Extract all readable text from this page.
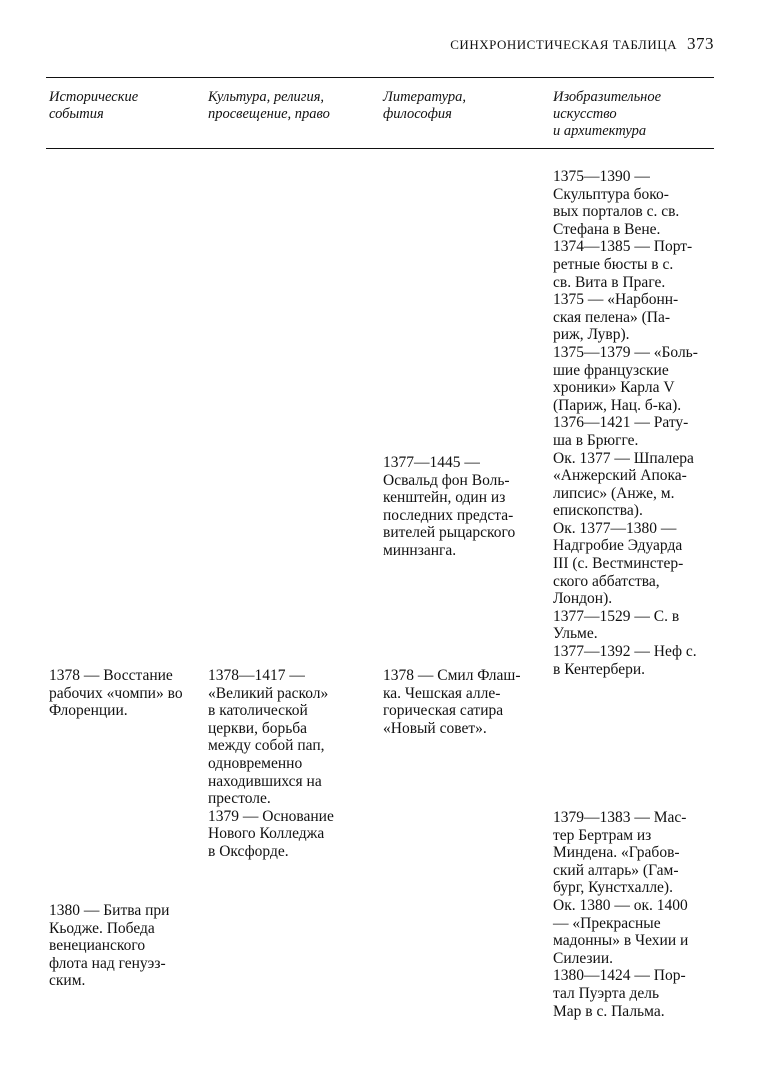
СИНХРОНИСТИЧЕСКАЯ ТАБЛИЦА 373
Исторические
события
Культура, религия,
просвещение, право
Литература,
философия
Изобразительное
искусство
и архитектура
1375—1390 —
Скульптура боко-
вых порталов с. св.
Стефана в Вене.
1374—1385 — Порт-
ретные бюсты в с.
св. Вита в Праге.
1375 — «Нарбонн-
ская пелена» (Па-
риж, Лувр).
1375—1379 — «Боль-
шие французские
хроники» Карла V
(Париж, Нац. б-ка).
1376—1421 — Рату-
ша в Брюгге.
Ок. 1377 — Шпалера
«Анжерский Апока-
липсис» (Анже, м.
епископства).
Ок. 1377—1380 —
Надгробие Эдуарда
III (с. Вестминстер-
ского аббатства,
Лондон).
1377—1529 — С. в
Ульме.
1377—1392 — Неф с.
в Кентербери.
1377—1445 —
Освальд фон Воль-
кенштейн, один из
последних предста-
вителей рыцарского
миннзанга.
1378 — Восстание
рабочих «чомпи» во
Флоренции.
1378—1417 —
«Великий раскол»
в католической
церкви, борьба
между собой пап,
одновременно
находившихся на
престоле.
1379 — Основание
Нового Колледжа
в Оксфорде.
1378 — Смил Флаш-
ка. Чешская алле-
горическая сатира
«Новый совет».
1379—1383 — Мас-
тер Бертрам из
Миндена. «Грабов-
ский алтарь» (Гам-
бург, Кунстхалле).
Ок. 1380 — ок. 1400
— «Прекрасные
мадонны» в Чехии и
Силезии.
1380—1424 — Пор-
тал Пуэрта дель
Мар в с. Пальма.
1380 — Битва при
Кьодже. Победа
венецианского
флота над генуэз-
ским.
